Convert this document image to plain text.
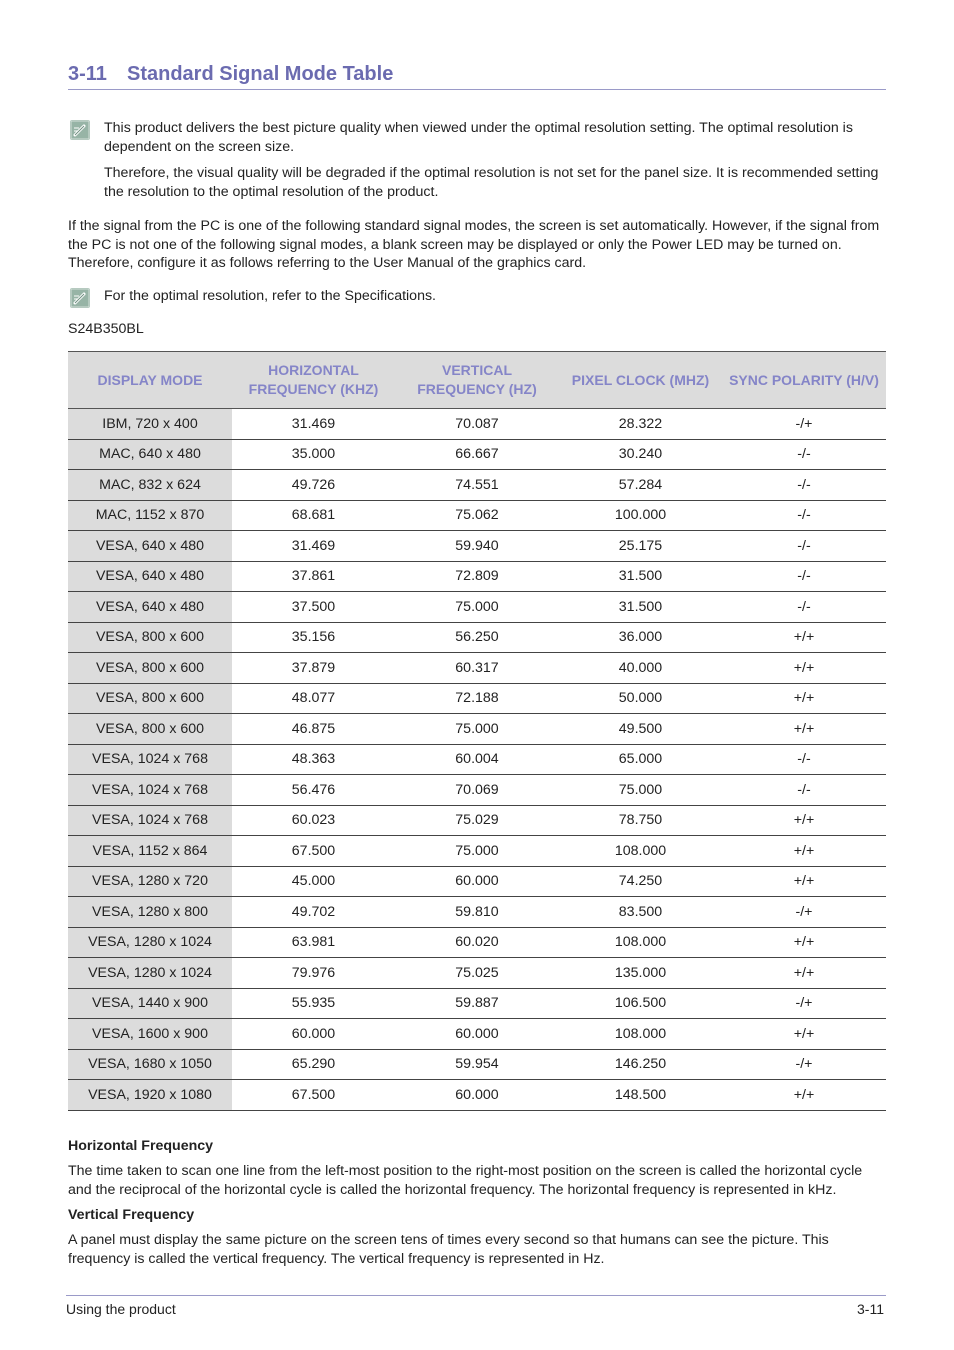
3-11 Standard Signal Mode Table

This product delivers the best picture quality when viewed under the optimal resolution setting. The optimal resolution is dependent on the screen size.

Therefore, the visual quality will be degraded if the optimal resolution is not set for the panel size. It is recommended setting the resolution to the optimal resolution of the product.

If the signal from the PC is one of the following standard signal modes, the screen is set automatically. However, if the signal from the PC is not one of the following signal modes, a blank screen may be displayed or only the Power LED may be turned on. Therefore, configure it as follows referring to the User Manual of the graphics card.

For the optimal resolution, refer to the Specifications.

S24B350BL
DISPLAY MODE	HORIZONTAL FREQUENCY (KHZ)	VERTICAL FREQUENCY (HZ)	PIXEL CLOCK (MHZ)	SYNC POLARITY (H/V)
IBM, 720 x 400	31.469	70.087	28.322	-/+
MAC, 640 x 480	35.000	66.667	30.240	-/-
MAC, 832 x 624	49.726	74.551	57.284	-/-
MAC, 1152 x 870	68.681	75.062	100.000	-/-
VESA, 640 x 480	31.469	59.940	25.175	-/-
VESA, 640 x 480	37.861	72.809	31.500	-/-
VESA, 640 x 480	37.500	75.000	31.500	-/-
VESA, 800 x 600	35.156	56.250	36.000	+/+
VESA, 800 x 600	37.879	60.317	40.000	+/+
VESA, 800 x 600	48.077	72.188	50.000	+/+
VESA, 800 x 600	46.875	75.000	49.500	+/+
VESA, 1024 x 768	48.363	60.004	65.000	-/-
VESA, 1024 x 768	56.476	70.069	75.000	-/-
VESA, 1024 x 768	60.023	75.029	78.750	+/+
VESA, 1152 x 864	67.500	75.000	108.000	+/+
VESA, 1280 x 720	45.000	60.000	74.250	+/+
VESA, 1280 x 800	49.702	59.810	83.500	-/+
VESA, 1280 x 1024	63.981	60.020	108.000	+/+
VESA, 1280 x 1024	79.976	75.025	135.000	+/+
VESA, 1440 x 900	55.935	59.887	106.500	-/+
VESA, 1600 x 900	60.000	60.000	108.000	+/+
VESA, 1680 x 1050	65.290	59.954	146.250	-/+
VESA, 1920 x 1080	67.500	60.000	148.500	+/+
Horizontal Frequency

The time taken to scan one line from the left-most position to the right-most position on the screen is called the horizontal cycle and the reciprocal of the horizontal cycle is called the horizontal frequency. The horizontal frequency is represented in kHz.

Vertical Frequency

A panel must display the same picture on the screen tens of times every second so that humans can see the picture. This frequency is called the vertical frequency. The vertical frequency is represented in Hz.

Using the product	3-11
